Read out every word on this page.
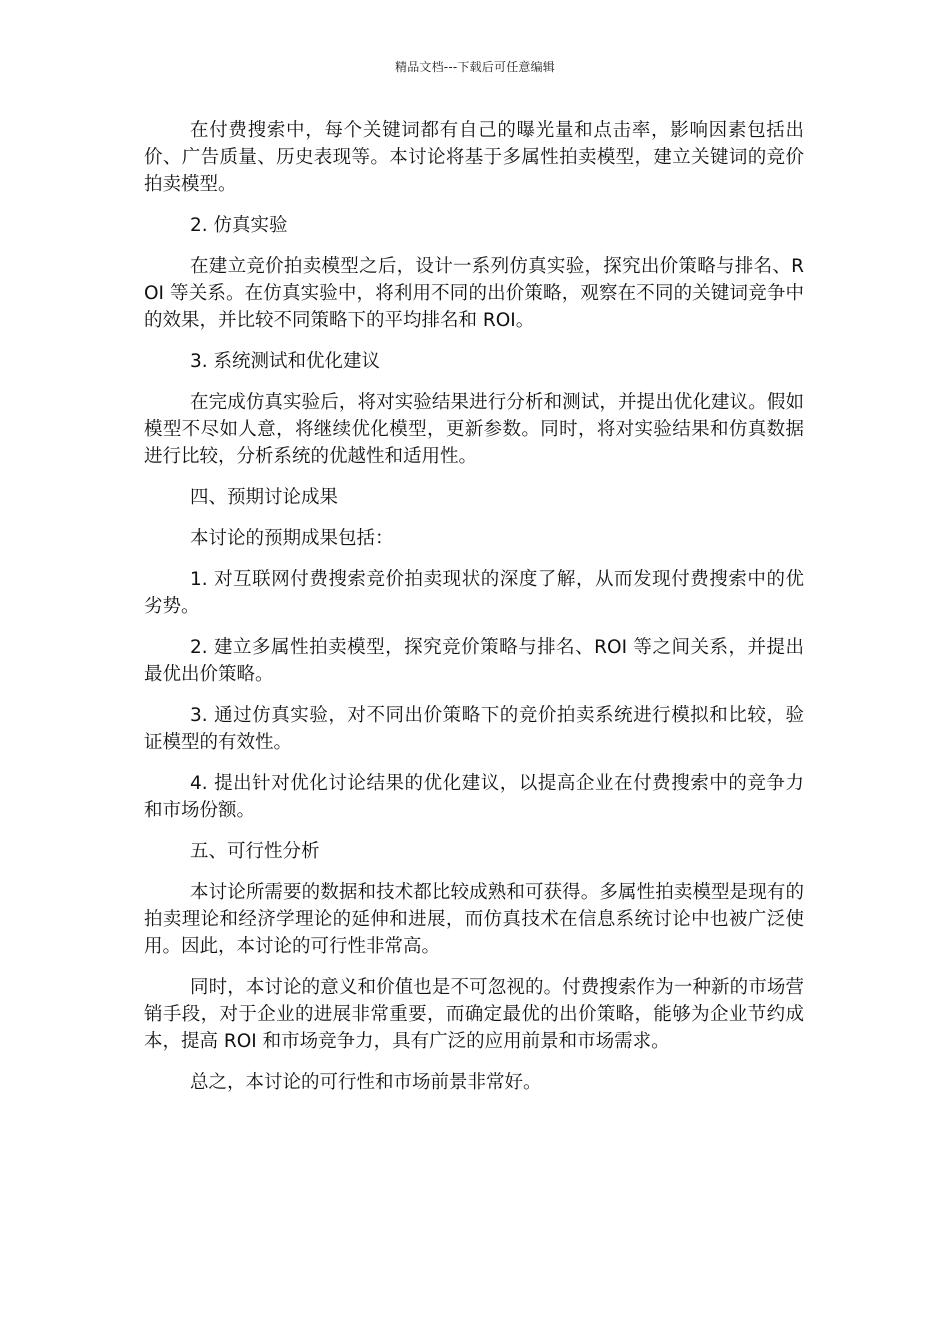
精品文档---下载后可任意编辑

在付费搜索中，每个关键词都有自己的曝光量和点击率，影响因素包括出价、广告质量、历史表现等。本讨论将基于多属性拍卖模型，建立关键词的竞价拍卖模型。

2. 仿真实验

在建立竞价拍卖模型之后，设计一系列仿真实验，探究出价策略与排名、ROI 等关系。在仿真实验中，将利用不同的出价策略，观察在不同的关键词竞争中的效果，并比较不同策略下的平均排名和 ROI。

3. 系统测试和优化建议

在完成仿真实验后，将对实验结果进行分析和测试，并提出优化建议。假如模型不尽如人意，将继续优化模型，更新参数。同时，将对实验结果和仿真数据进行比较，分析系统的优越性和适用性。

四、预期讨论成果

本讨论的预期成果包括：

1. 对互联网付费搜索竞价拍卖现状的深度了解，从而发现付费搜索中的优劣势。

2. 建立多属性拍卖模型，探究竞价策略与排名、ROI 等之间关系，并提出最优出价策略。

3. 通过仿真实验，对不同出价策略下的竞价拍卖系统进行模拟和比较，验证模型的有效性。

4. 提出针对优化讨论结果的优化建议，以提高企业在付费搜索中的竞争力和市场份额。

五、可行性分析

本讨论所需要的数据和技术都比较成熟和可获得。多属性拍卖模型是现有的拍卖理论和经济学理论的延伸和进展，而仿真技术在信息系统讨论中也被广泛使用。因此，本讨论的可行性非常高。

同时，本讨论的意义和价值也是不可忽视的。付费搜索作为一种新的市场营销手段，对于企业的进展非常重要，而确定最优的出价策略，能够为企业节约成本，提高 ROI 和市场竞争力，具有广泛的应用前景和市场需求。

总之，本讨论的可行性和市场前景非常好。
